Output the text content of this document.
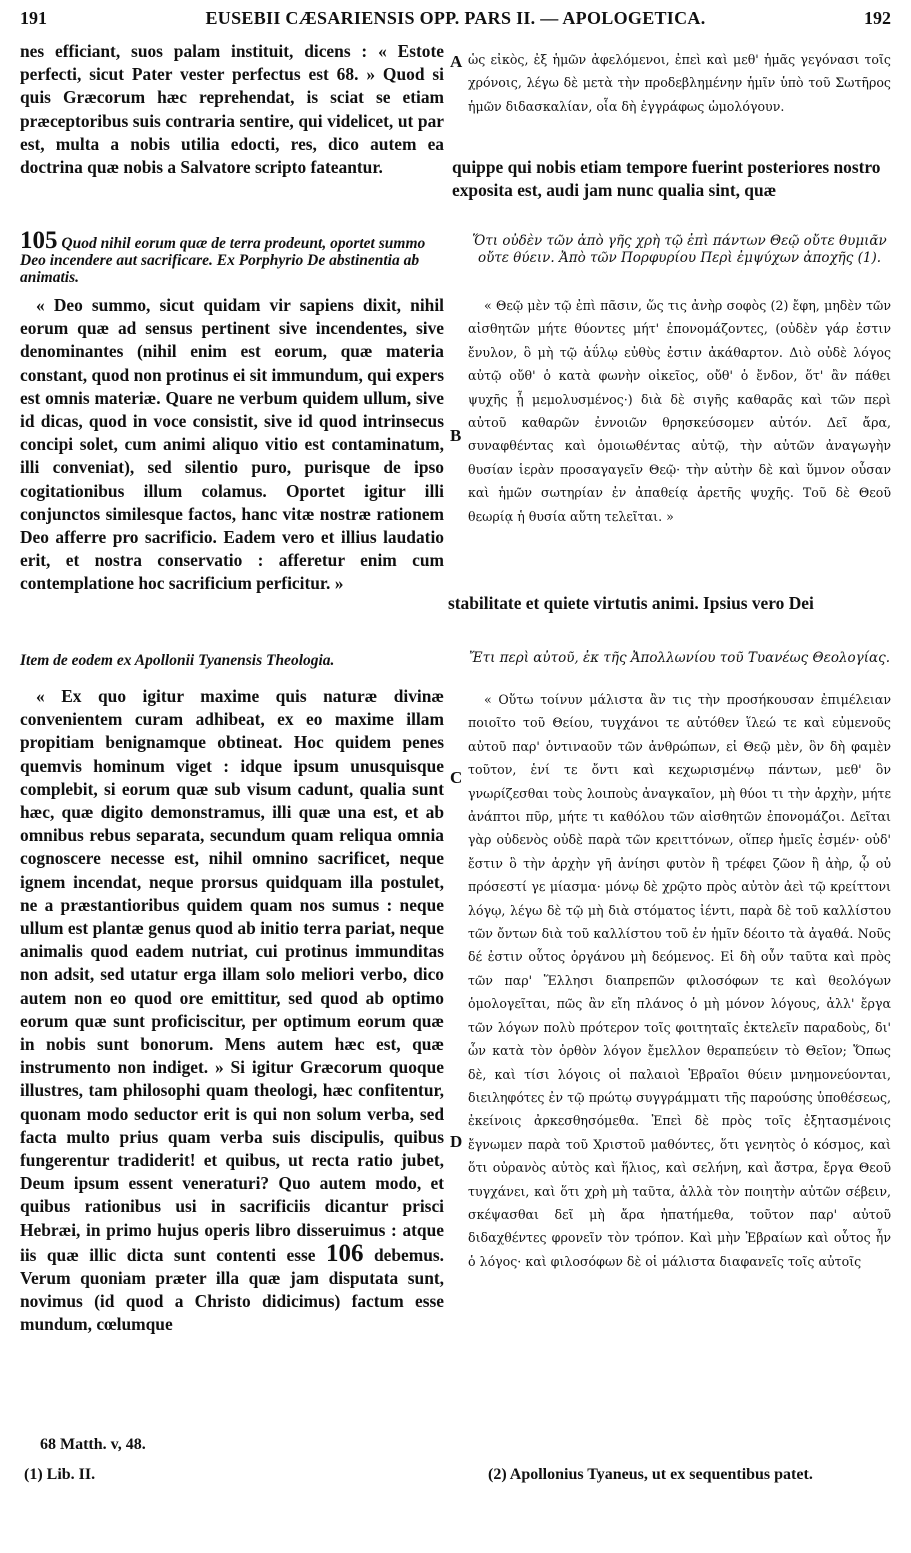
191	EUSEBII CÆSARIENSIS OPP. PARS II. — APOLOGETICA.	192
A
B
C
D

nes efficiant, suos palam instituit, dicens : « Estote perfecti, sicut Pater vester perfectus est 68. » Quod si quis Græcorum hæc reprehendat, is sciat se etiam præceptoribus suis contraria sentire, qui videlicet, ut par est, multa a nobis utilia edocti, res, dico autem ea doctrina quæ nobis a Salvatore scripto fateantur.

ὡς εἰκὸς, ἐξ ἡμῶν ἀφελόμενοι, ἐπεὶ καὶ μεθ' ἡμᾶς γεγόνασι τοῖς χρόνοις, λέγω δὲ μετὰ τὴν προδεβλημένην ἡμῖν ὑπὸ τοῦ Σωτῆρος ἡμῶν διδασκαλίαν, οἷα δὴ ἐγγράφως ὡμολόγουν.

quippe qui nobis etiam tempore fuerint posteriores nostro exposita est, audi jam nunc qualia sint, quæ

105 Quod nihil eorum quæ de terra prodeunt, oportet summo Deo incendere aut sacrificare. Ex Porphyrio De abstinentia ab animatis.

Ὅτι οὐδὲν τῶν ἀπὸ γῆς χρὴ τῷ ἐπὶ πάντων Θεῷ οὔτε θυμιᾶν οὔτε θύειν. Ἀπὸ τῶν Πορφυρίου Περὶ ἐμψύχων ἀποχῆς (1).

« Deo summo, sicut quidam vir sapiens dixit, nihil eorum quæ ad sensus pertinent sive incendentes, sive denominantes (nihil enim est eorum, quæ materia constant, quod non protinus ei sit immundum, qui expers est omnis materiæ. Quare ne verbum quidem ullum, sive id dicas, quod in voce consistit, sive id quod intrinsecus concipi solet, cum animi aliquo vitio est contaminatum, illi conveniat), sed silentio puro, purisque de ipso cogitationibus illum colamus. Oportet igitur illi conjunctos similesque factos, hanc vitæ nostræ rationem Deo afferre pro sacrificio. Eadem vero et illius laudatio erit, et nostra conservatio : afferetur enim cum contemplatione hoc sacrificium perficitur. »

« Θεῷ μὲν τῷ ἐπὶ πᾶσιν, ὥς τις ἀνὴρ σοφὸς (2) ἔφη, μηδὲν τῶν αἰσθητῶν μήτε θύοντες μήτ' ἐπονομάζοντες, (οὐδὲν γάρ ἐστιν ἔνυλον, ὃ μὴ τῷ ἀΰλῳ εὐθὺς ἐστιν ἀκάθαρτον. Διὸ οὐδὲ λόγος αὐτῷ οὔθ' ὁ κατὰ φωνὴν οἰκεῖος, οὔθ' ὁ ἔνδον, ὅτ' ἂν πάθει ψυχῆς ᾖ μεμολυσμένος·) διὰ δὲ σιγῆς καθαρᾶς καὶ τῶν περὶ αὐτοῦ καθαρῶν ἐννοιῶν θρησκεύσομεν αὐτόν. Δεῖ ἄρα, συναφθέντας καὶ ὁμοιωθέντας αὐτῷ, τὴν αὑτῶν ἀναγωγὴν θυσίαν ἱερὰν προσαγαγεῖν Θεῷ· τὴν αὐτὴν δὲ καὶ ὕμνον οὖσαν καὶ ἡμῶν σωτηρίαν ἐν ἀπαθείᾳ ἀρετῆς ψυχῆς. Τοῦ δὲ Θεοῦ θεωρίᾳ ἡ θυσία αὕτη τελεῖται. »

stabilitate et quiete virtutis animi. Ipsius vero Dei

Item de eodem ex Apollonii Tyanensis Theologia.	Ἔτι περὶ αὐτοῦ, ἐκ τῆς Ἀπολλωνίου τοῦ Τυανέως Θεολογίας.

« Ex quo igitur maxime quis naturæ divinæ convenientem curam adhibeat, ex eo maxime illam propitiam benignamque obtineat. Hoc quidem penes quemvis hominum viget : idque ipsum unusquisque complebit, si eorum quæ sub visum cadunt, qualia sunt hæc, quæ digito demonstramus, illi quæ una est, et ab omnibus rebus separata, secundum quam reliqua omnia cognoscere necesse est, nihil omnino sacrificet, neque ignem incendat, neque prorsus quidquam illa postulet, ne a præstantioribus quidem quam nos sumus : neque ullum est plantæ genus quod ab initio terra pariat, neque animalis quod eadem nutriat, cui protinus immunditas non adsit, sed utatur erga illam solo meliori verbo, dico autem non eo quod ore emittitur, sed quod ab optimo eorum quæ sunt proficiscitur, per optimum eorum quæ in nobis sunt bonorum. Mens autem hæc est, quæ instrumento non indiget. » Si igitur Græcorum quoque illustres, tam philosophi quam theologi, hæc confitentur, quonam modo seductor erit is qui non solum verba, sed facta multo prius quam verba suis discipulis, quibus fungerentur tradiderit! et quibus, ut recta ratio jubet, Deum ipsum essent veneraturi? Quo autem modo, et quibus rationibus usi in sacrificiis dicantur prisci Hebræi, in primo hujus operis libro disseruimus : atque iis quæ illic dicta sunt contenti esse 106 debemus. Verum quoniam præter illa quæ jam disputata sunt, novimus (id quod a Christo didicimus) factum esse mundum, cœlumque

« Οὕτω τοίνυν μάλιστα ἂν τις τὴν προσήκουσαν ἐπιμέλειαν ποιοῖτο τοῦ Θείου, τυγχάνοι τε αὐτόθεν ἵλεώ τε καὶ εὐμενοῦς αὐτοῦ παρ' ὁντιναοῦν τῶν ἀνθρώπων, εἰ Θεῷ μὲν, ὃν δὴ φαμὲν τοῦτον, ἑνί τε ὄντι καὶ κεχωρισμένῳ πάντων, μεθ' ὃν γνωρίζεσθαι τοὺς λοιποὺς ἀναγκαῖον, μὴ θύοι τι τὴν ἀρχὴν, μήτε ἀνάπτοι πῦρ, μήτε τι καθόλου τῶν αἰσθητῶν ἐπονομάζοι. Δεῖται γὰρ οὐδενὸς οὐδὲ παρὰ τῶν κρειττόνων, οἵπερ ἡμεῖς ἐσμέν· οὐδ' ἔστιν ὃ τὴν ἀρχὴν γῆ ἀνίησι φυτὸν ἢ τρέφει ζῶον ἢ ἀὴρ, ᾧ οὐ πρόσεστί γε μίασμα· μόνῳ δὲ χρῷτο πρὸς αὐτὸν ἀεὶ τῷ κρείττονι λόγῳ, λέγω δὲ τῷ μὴ διὰ στόματος ἰέντι, παρὰ δὲ τοῦ καλλίστου τῶν ὄντων διὰ τοῦ καλλίστου τοῦ ἐν ἡμῖν δέοιτο τὰ ἀγαθά. Νοῦς δέ ἐστιν οὗτος ὀργάνου μὴ δεόμενος. Εἰ δὴ οὖν ταῦτα καὶ πρὸς τῶν παρ' Ἕλλησι διαπρεπῶν φιλοσόφων τε καὶ θεολόγων ὁμολογεῖται, πῶς ἂν εἴη πλάνος ὁ μὴ μόνον λόγους, ἀλλ' ἔργα τῶν λόγων πολὺ πρότερον τοῖς φοιτηταῖς ἐκτελεῖν παραδοὺς, δι' ὧν κατὰ τὸν ὀρθὸν λόγον ἔμελλον θεραπεύειν τὸ Θεῖον; Ὅπως δὲ, καὶ τίσι λόγοις οἱ παλαιοὶ Ἑβραῖοι θύειν μνημονεύονται, διειληφότες ἐν τῷ πρώτῳ συγγράμματι τῆς παρούσης ὑποθέσεως, ἐκείνοις ἀρκεσθησόμεθα. Ἐπεὶ δὲ πρὸς τοῖς ἐξητασμένοις ἔγνωμεν παρὰ τοῦ Χριστοῦ μαθόντες, ὅτι γενητὸς ὁ κόσμος, καὶ ὅτι οὐρανὸς αὐτὸς καὶ ἥλιος, καὶ σελήνη, καὶ ἄστρα, ἔργα Θεοῦ τυγχάνει, καὶ ὅτι χρὴ μὴ ταῦτα, ἀλλὰ τὸν ποιητὴν αὐτῶν σέβειν, σκέψασθαι δεῖ μὴ ἄρα ἠπατήμεθα, τοῦτον παρ' αὐτοῦ διδαχθέντες φρονεῖν τὸν τρόπον. Καὶ μὴν Ἑβραίων καὶ οὗτος ἦν ὁ λόγος· καὶ φιλοσόφων δὲ οἱ μάλιστα διαφανεῖς τοῖς αὐτοῖς

68 Matth. v, 48.
(1) Lib. II.	(2) Apollonius Tyaneus, ut ex sequentibus patet.
